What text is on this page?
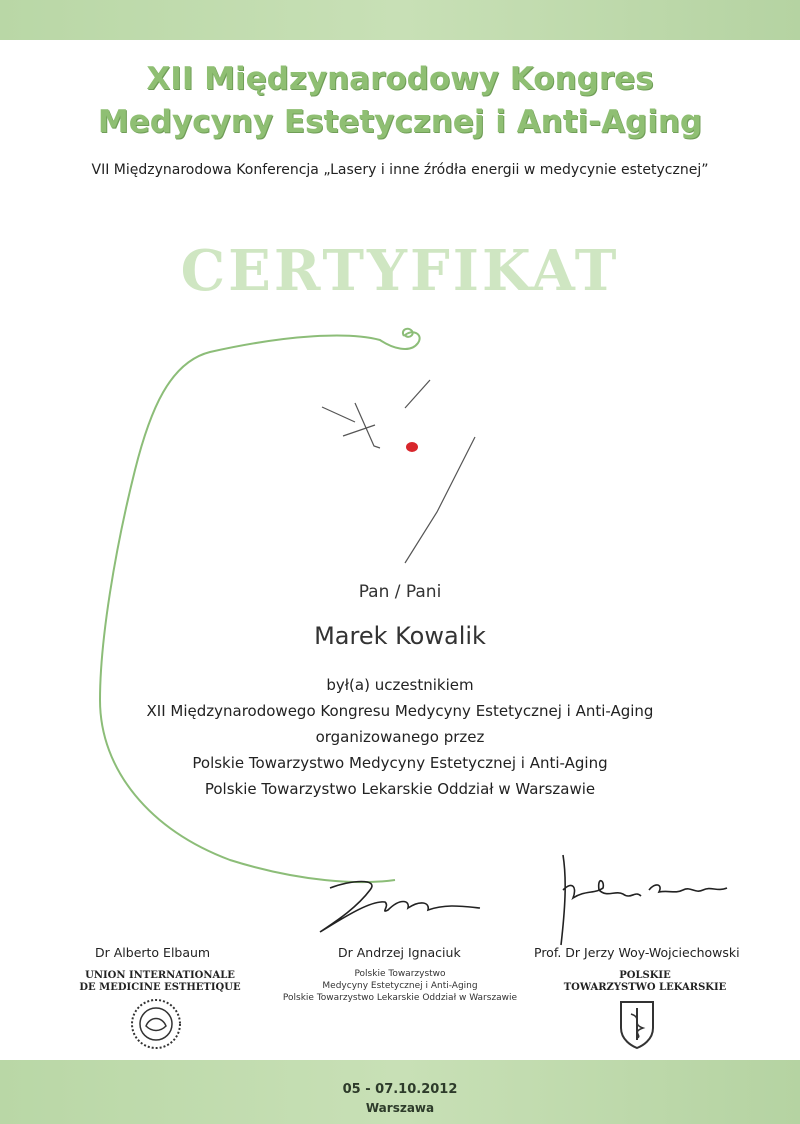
XII Międzynarodowy Kongres
Medycyny Estetycznej i Anti-Aging
VII Międzynarodowa Konferencja „Lasery i inne źródła energii w medycynie estetycznej”
CERTYFIKAT
Pan / Pani
Marek Kowalik
był(a) uczestnikiem
XII Międzynarodowego Kongresu Medycyny Estetycznej i Anti-Aging
organizowanego przez
Polskie Towarzystwo Medycyny Estetycznej i Anti-Aging
Polskie Towarzystwo Lekarskie Oddział w Warszawie
Dr Alberto Elbaum
UNION INTERNATIONALE
DE MEDICINE ESTHETIQUE
Dr Andrzej Ignaciuk
Polskie Towarzystwo
Medycyny Estetycznej i Anti-Aging
Polskie Towarzystwo Lekarskie Oddział w Warszawie
Prof. Dr Jerzy Woy-Wojciechowski
POLSKIE
TOWARZYSTWO LEKARSKIE
05 - 07.10.2012
Warszawa
